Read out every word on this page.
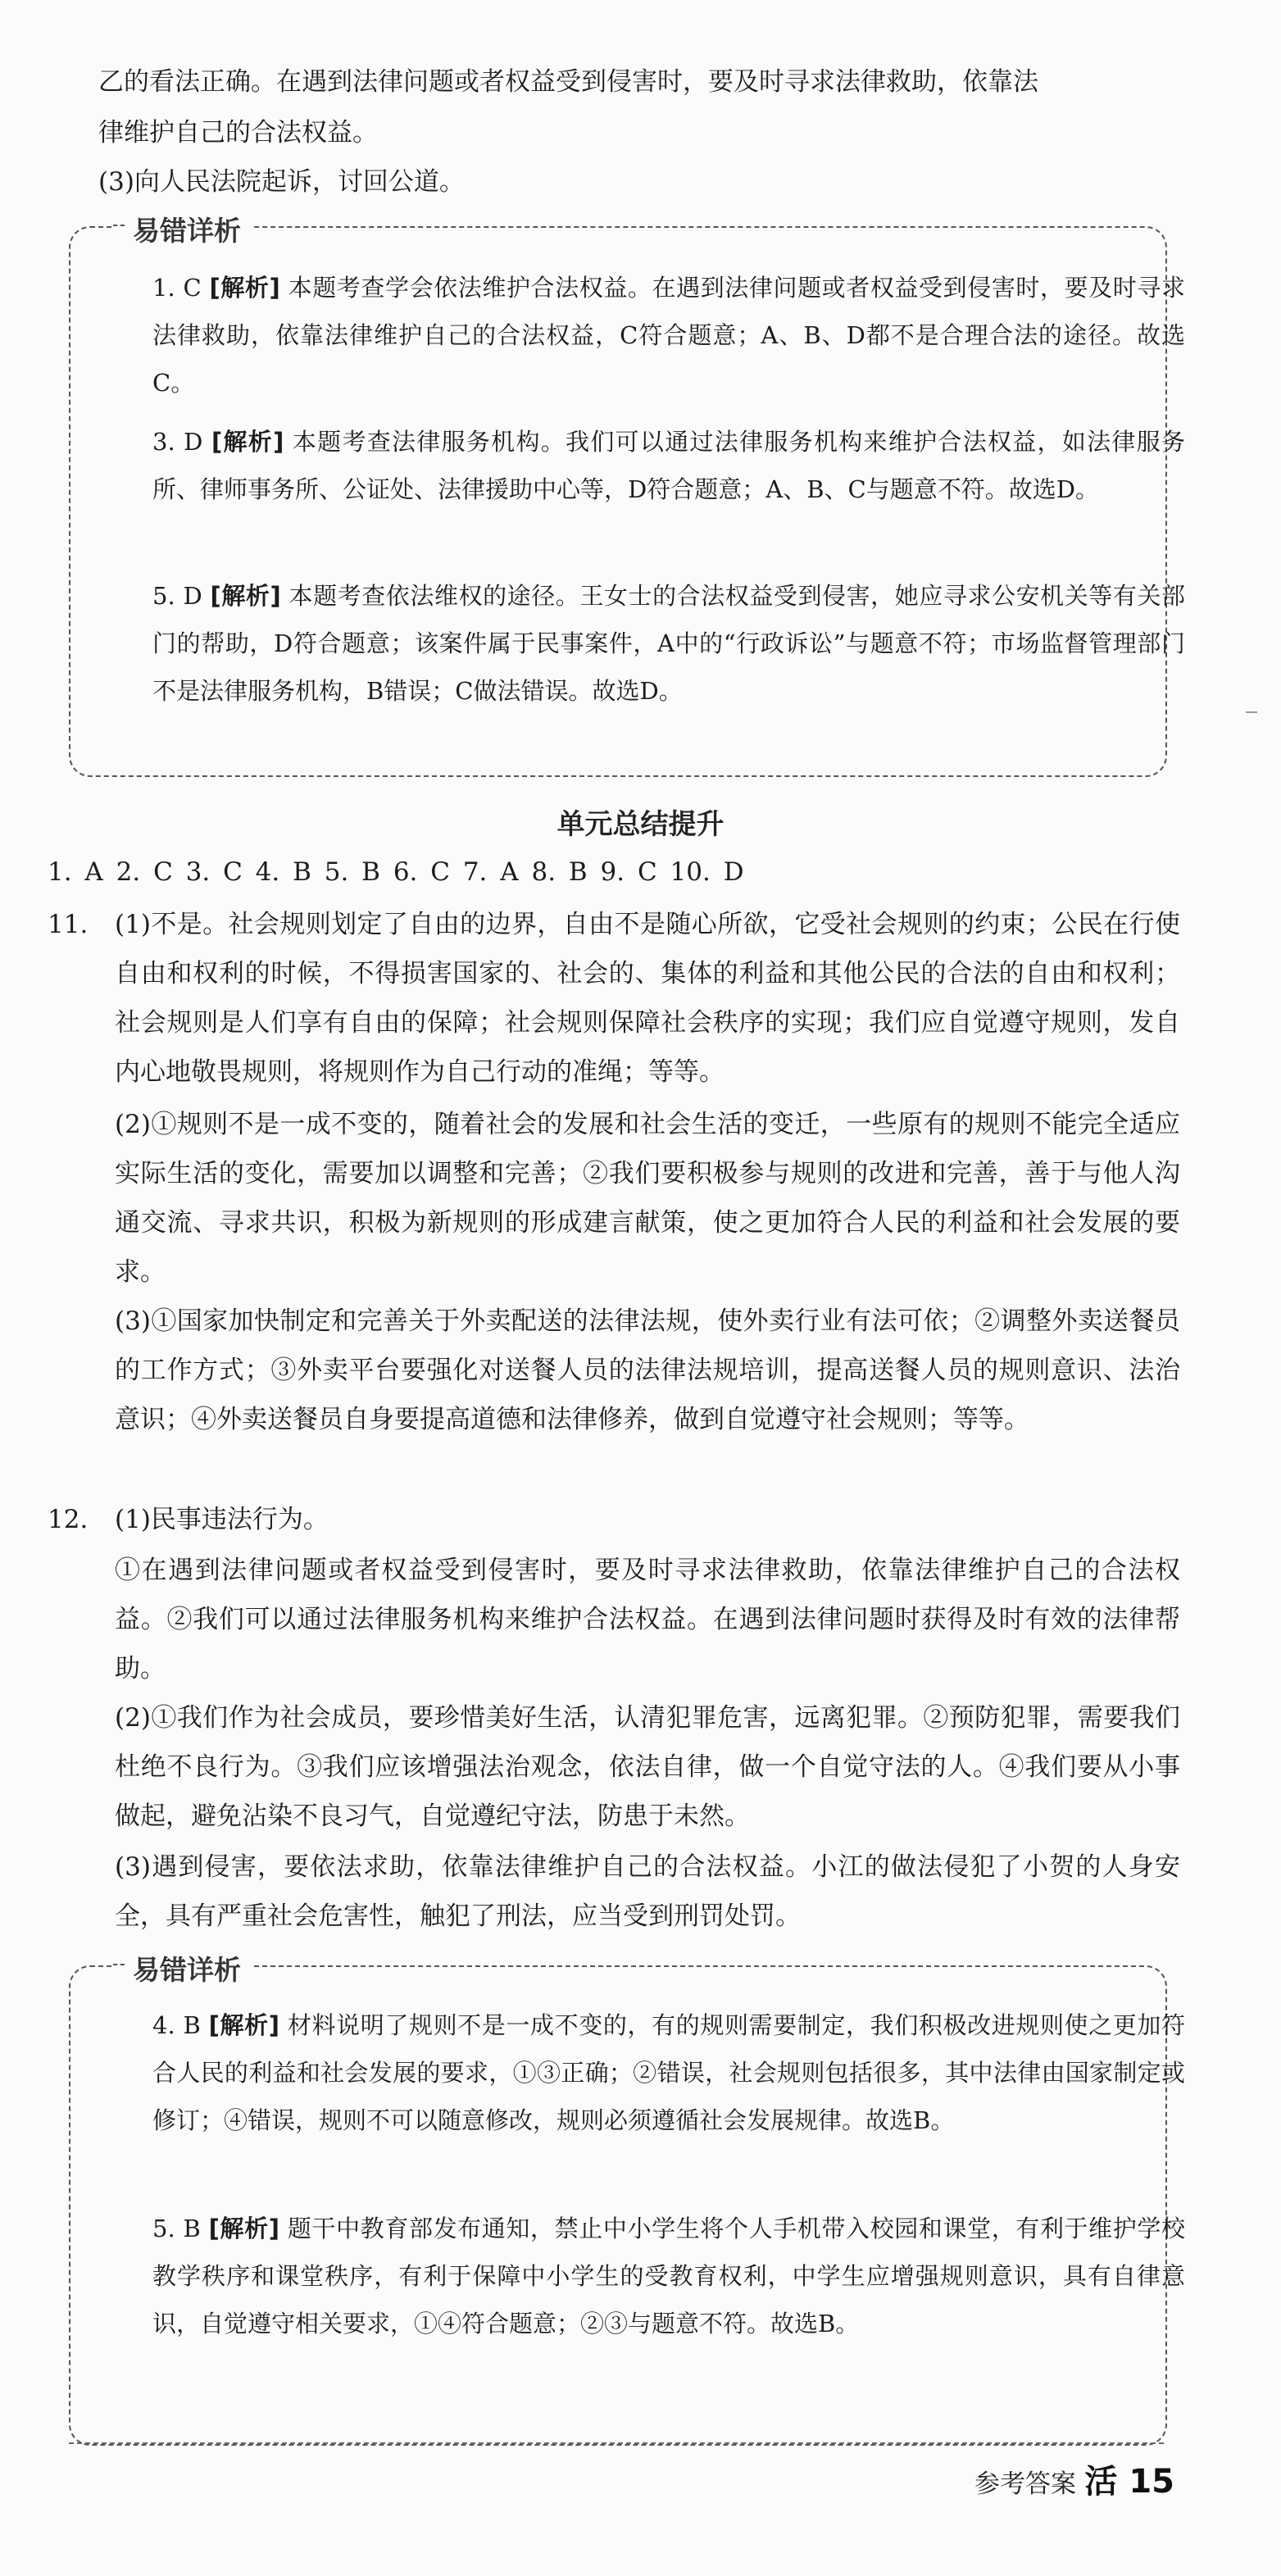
乙的看法正确。在遇到法律问题或者权益受到侵害时，要及时寻求法律救助，依靠法

律维护自己的合法权益。

(3)向人民法院起诉，讨回公道。

易错详析

1. C [解析] 本题考查学会依法维护合法权益。在遇到法律问题或者权益受到侵害时，要及时寻求法律救助，依靠法律维护自己的合法权益，C符合题意；A、B、D都不是合理合法的途径。故选C。

3. D [解析] 本题考查法律服务机构。我们可以通过法律服务机构来维护合法权益，如法律服务所、律师事务所、公证处、法律援助中心等，D符合题意；A、B、C与题意不符。故选D。

5. D [解析] 本题考查依法维权的途径。王女士的合法权益受到侵害，她应寻求公安机关等有关部门的帮助，D符合题意；该案件属于民事案件，A中的“行政诉讼”与题意不符；市场监督管理部门不是法律服务机构，B错误；C做法错误。故选D。

单元总结提升

1. A 2. C 3. C 4. B 5. B 6. C 7. A 8. B 9. C 10. D

11. (1)不是。社会规则划定了自由的边界，自由不是随心所欲，它受社会规则的约束；公民在行使自由和权利的时候，不得损害国家的、社会的、集体的利益和其他公民的合法的自由和权利；社会规则是人们享有自由的保障；社会规则保障社会秩序的实现；我们应自觉遵守规则，发自内心地敬畏规则，将规则作为自己行动的准绳；等等。

(2)①规则不是一成不变的，随着社会的发展和社会生活的变迁，一些原有的规则不能完全适应实际生活的变化，需要加以调整和完善；②我们要积极参与规则的改进和完善，善于与他人沟通交流、寻求共识，积极为新规则的形成建言献策，使之更加符合人民的利益和社会发展的要求。

(3)①国家加快制定和完善关于外卖配送的法律法规，使外卖行业有法可依；②调整外卖送餐员的工作方式；③外卖平台要强化对送餐人员的法律法规培训，提高送餐人员的规则意识、法治意识；④外卖送餐员自身要提高道德和法律修养，做到自觉遵守社会规则；等等。

12. (1)民事违法行为。

①在遇到法律问题或者权益受到侵害时，要及时寻求法律救助，依靠法律维护自己的合法权益。②我们可以通过法律服务机构来维护合法权益。在遇到法律问题时获得及时有效的法律帮助。

(2)①我们作为社会成员，要珍惜美好生活，认清犯罪危害，远离犯罪。②预防犯罪，需要我们杜绝不良行为。③我们应该增强法治观念，依法自律，做一个自觉守法的人。④我们要从小事做起，避免沾染不良习气，自觉遵纪守法，防患于未然。

(3)遇到侵害，要依法求助，依靠法律维护自己的合法权益。小江的做法侵犯了小贺的人身安全，具有严重社会危害性，触犯了刑法，应当受到刑罚处罚。

易错详析

4. B [解析] 材料说明了规则不是一成不变的，有的规则需要制定，我们积极改进规则使之更加符合人民的利益和社会发展的要求，①③正确；②错误，社会规则包括很多，其中法律由国家制定或修订；④错误，规则不可以随意修改，规则必须遵循社会发展规律。故选B。

5. B [解析] 题干中教育部发布通知，禁止中小学生将个人手机带入校园和课堂，有利于维护学校教学秩序和课堂秩序，有利于保障中小学生的受教育权利，中学生应增强规则意识，具有自律意识，自觉遵守相关要求，①④符合题意；②③与题意不符。故选B。

参考答案 活 15
